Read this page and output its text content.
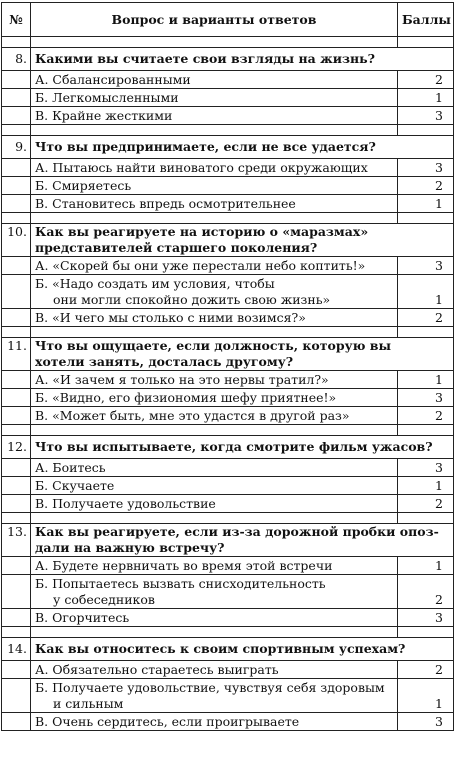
№	Вопрос и варианты ответов	Баллы

8.	Какими вы считаете свои взгляды на жизнь?	
	А. Сбалансированными	2
	Б. Легкомысленными	1
	В. Крайне жесткими	3

9.	Что вы предпринимаете, если не все удается?	
	А. Пытаюсь найти виноватого среди окружающих	3
	Б. Смиряетесь	2
	В. Становитесь впредь осмотрительнее	1

10.	Как вы реагируете на историю о «маразмах»
представителей старшего поколения?	

	А. «Скорей бы они уже перестали небо коптить!»	3

	Б. «Надо создать им условия, чтобы
они могли спокойно дожить свою жизнь»	1
	В. «И чего мы столько с ними возимся?»	2

11.	Что вы ощущаете, если должность, которую вы
хотели занять, досталась другому?	

	А. «И зачем я только на это нервы тратил?»	1
	Б. «Видно, его физиономия шефу приятнее!»	3
	В. «Может быть, мне это удастся в другой раз»	2

12.	Что вы испытываете, когда смотрите фильм ужасов?	
	А. Боитесь	3
	Б. Скучаете	1
	В. Получаете удовольствие	2

13.	Как вы реагируете, если из-за дорожной пробки опоз-
дали на важную встречу?	

	А. Будете нервничать во время этой встречи	1

	Б. Попытаетесь вызвать снисходительность
у собеседников	2
	В. Огорчитесь	3

14.	Как вы относитесь к своим спортивным успехам?	
	А. Обязательно стараетесь выиграть	2

	Б. Получаете удовольствие, чувствуя себя здоровым
и сильным	1
	В. Очень сердитесь, если проигрываете	3
